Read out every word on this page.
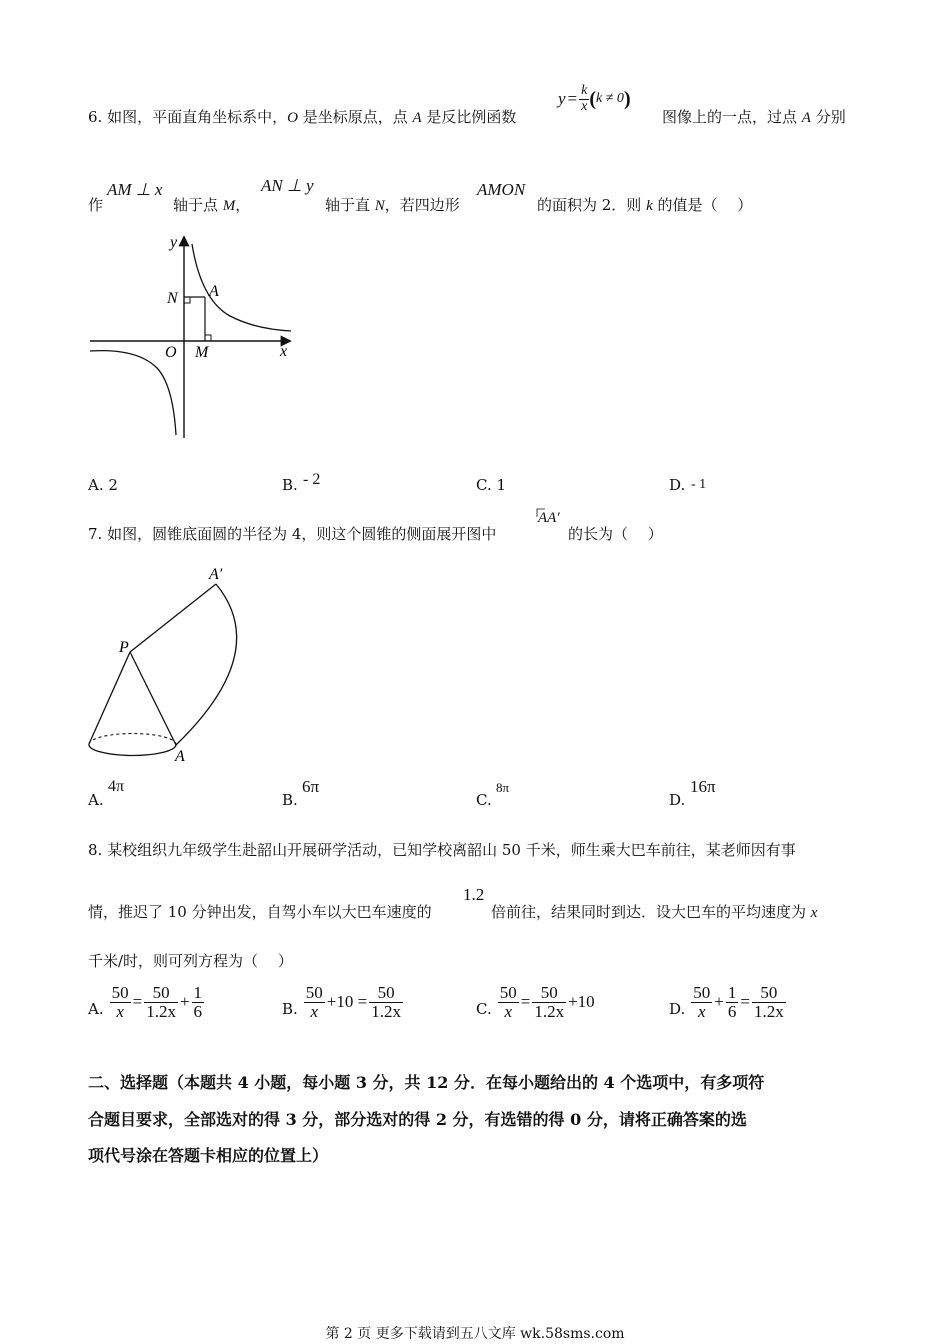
6. 如图，平面直角坐标系中，O 是坐标原点，点 A 是反比例函数
$y = \frac{k}{x}$ ( k ≠ 0 )
图像上的一点，过点 A 分别
作
AM ⊥ x
轴于点 M，
AN ⊥ y
轴于直 N，若四边形
AMON
的面积为 2．则 k 的值是（　 ）
y
x
N A
O M
A. 2	B. - 2	C. 1	D. - 1
7. 如图，圆锥底面圆的半径为 4，则这个圆锥的侧面展开图中
AA′
的长为（　 ）
A′
P
A
A.
4π
B.
6π
C.
8π
D.
16π
8. 某校组织九年级学生赴韶山开展研学活动，已知学校离韶山 50 千米，师生乘大巴车前往，某老师因有事
情，推迟了 10 分钟出发，自驾小车以大巴车速度的
1.2
倍前往，结果同时到达．设大巴车的平均速度为 x
千米/时，则可列方程为（　 ）
A. $\frac{50}{x} = \frac{50}{1.2x} + \frac{1}{6}$	B. $\frac{50}{x} +10 = \frac{50}{1.2x}$	C. $\frac{50}{x} = \frac{50}{1.2x} +10$	D. $\frac{50}{x} + \frac{1}{6} = \frac{50}{1.2x}$
二、选择题（本题共 4 小题，每小题 3 分，共 12 分．在每小题给出的 4 个选项中，有多项符
合题目要求，全部选对的得 3 分，部分选对的得 2 分，有选错的得 0 分，请将正确答案的选
项代号涂在答题卡相应的位置上）
第 2 页 更多下载请到五八文库 wk.58sms.com
